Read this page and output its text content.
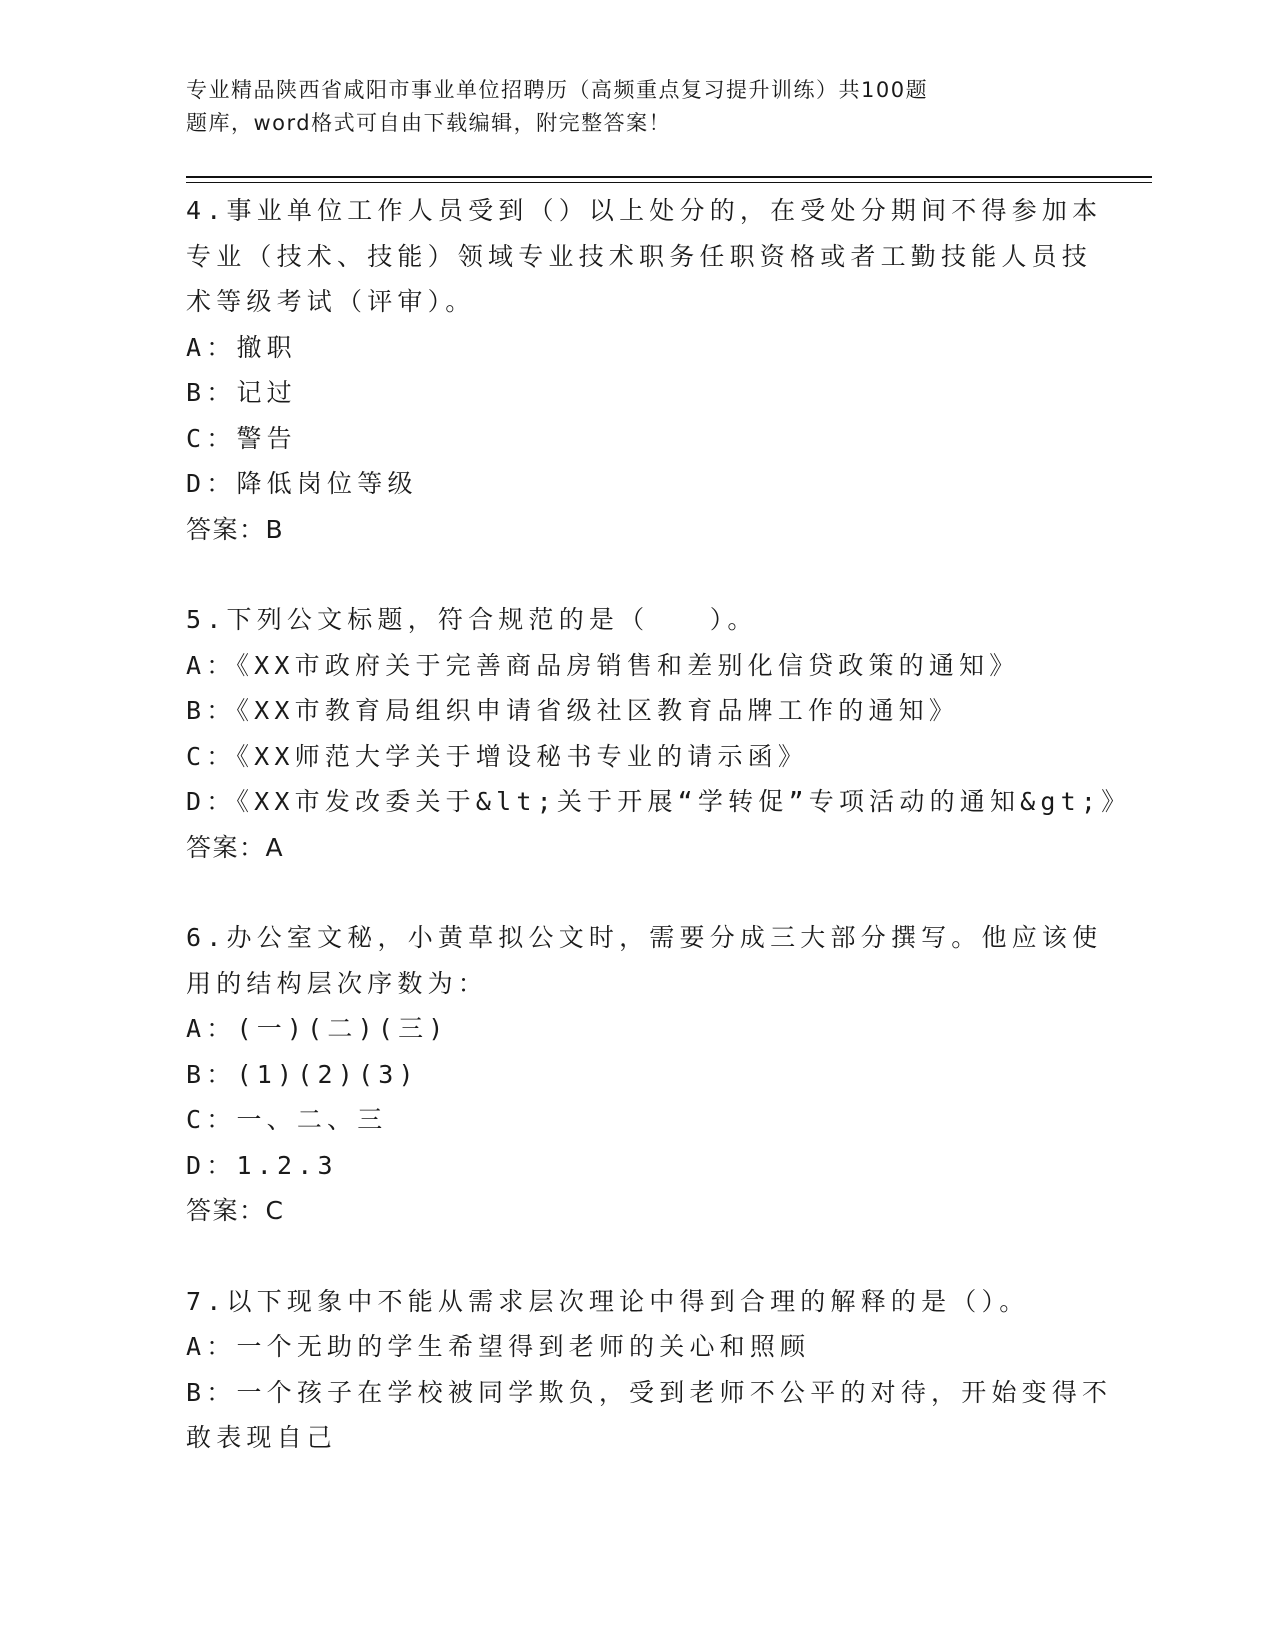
专业精品陕西省咸阳市事业单位招聘历（高频重点复习提升训练）共100题
题库，word格式可自由下载编辑，附完整答案！
4.事业单位工作人员受到（）以上处分的，在受处分期间不得参加本
专业（技术、技能）领域专业技术职务任职资格或者工勤技能人员技
术等级考试（评审）。
A：撤职
B：记过
C：警告
D：降低岗位等级
答案：B
5.下列公文标题，符合规范的是（　　）。
A：《XX市政府关于完善商品房销售和差别化信贷政策的通知》
B：《XX市教育局组织申请省级社区教育品牌工作的通知》
C：《XX师范大学关于增设秘书专业的请示函》
D：《XX市发改委关于&lt;关于开展“学转促”专项活动的通知&gt;》
答案：A
6.办公室文秘，小黄草拟公文时，需要分成三大部分撰写。他应该使
用的结构层次序数为：
A：(一)(二)(三)
B：(1)(2)(3)
C：一、二、三
D：1.2.3
答案：C
7.以下现象中不能从需求层次理论中得到合理的解释的是（）。
A：一个无助的学生希望得到老师的关心和照顾
B：一个孩子在学校被同学欺负，受到老师不公平的对待，开始变得不
敢表现自己
